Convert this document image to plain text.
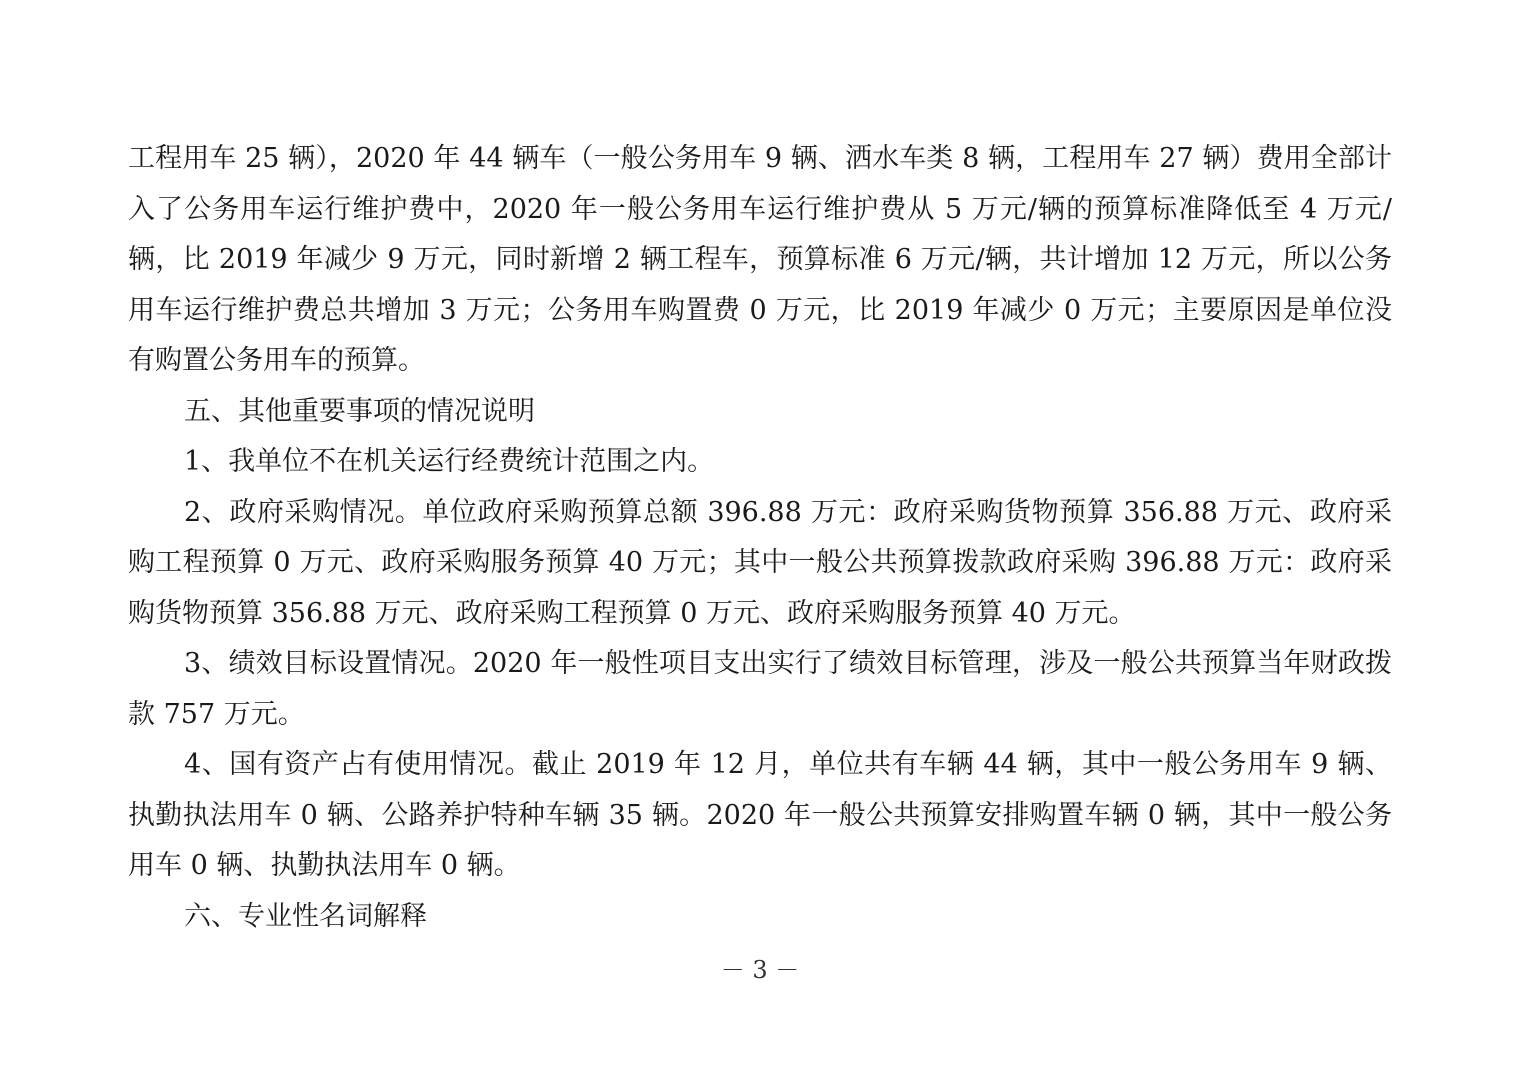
工程用车 25 辆），2020 年 44 辆车（一般公务用车 9 辆、洒水车类 8 辆，工程用车 27 辆）费用全部计入了公务用车运行维护费中，2020 年一般公务用车运行维护费从 5 万元/辆的预算标准降低至 4 万元/辆，比 2019 年减少 9 万元，同时新增 2 辆工程车，预算标准 6 万元/辆，共计增加 12 万元，所以公务用车运行维护费总共增加 3 万元；公务用车购置费 0 万元，比 2019 年减少 0 万元；主要原因是单位没有购置公务用车的预算。

五、其他重要事项的情况说明

1、我单位不在机关运行经费统计范围之内。

2、政府采购情况。单位政府采购预算总额 396.88 万元：政府采购货物预算 356.88 万元、政府采购工程预算 0 万元、政府采购服务预算 40 万元；其中一般公共预算拨款政府采购 396.88 万元：政府采购货物预算 356.88 万元、政府采购工程预算 0 万元、政府采购服务预算 40 万元。

3、绩效目标设置情况。2020 年一般性项目支出实行了绩效目标管理，涉及一般公共预算当年财政拨款 757 万元。

4、国有资产占有使用情况。截止 2019 年 12 月，单位共有车辆 44 辆，其中一般公务用车 9 辆、执勤执法用车 0 辆、公路养护特种车辆 35 辆。2020 年一般公共预算安排购置车辆 0 辆，其中一般公务用车 0 辆、执勤执法用车 0 辆。

六、专业性名词解释

－ 3 －
